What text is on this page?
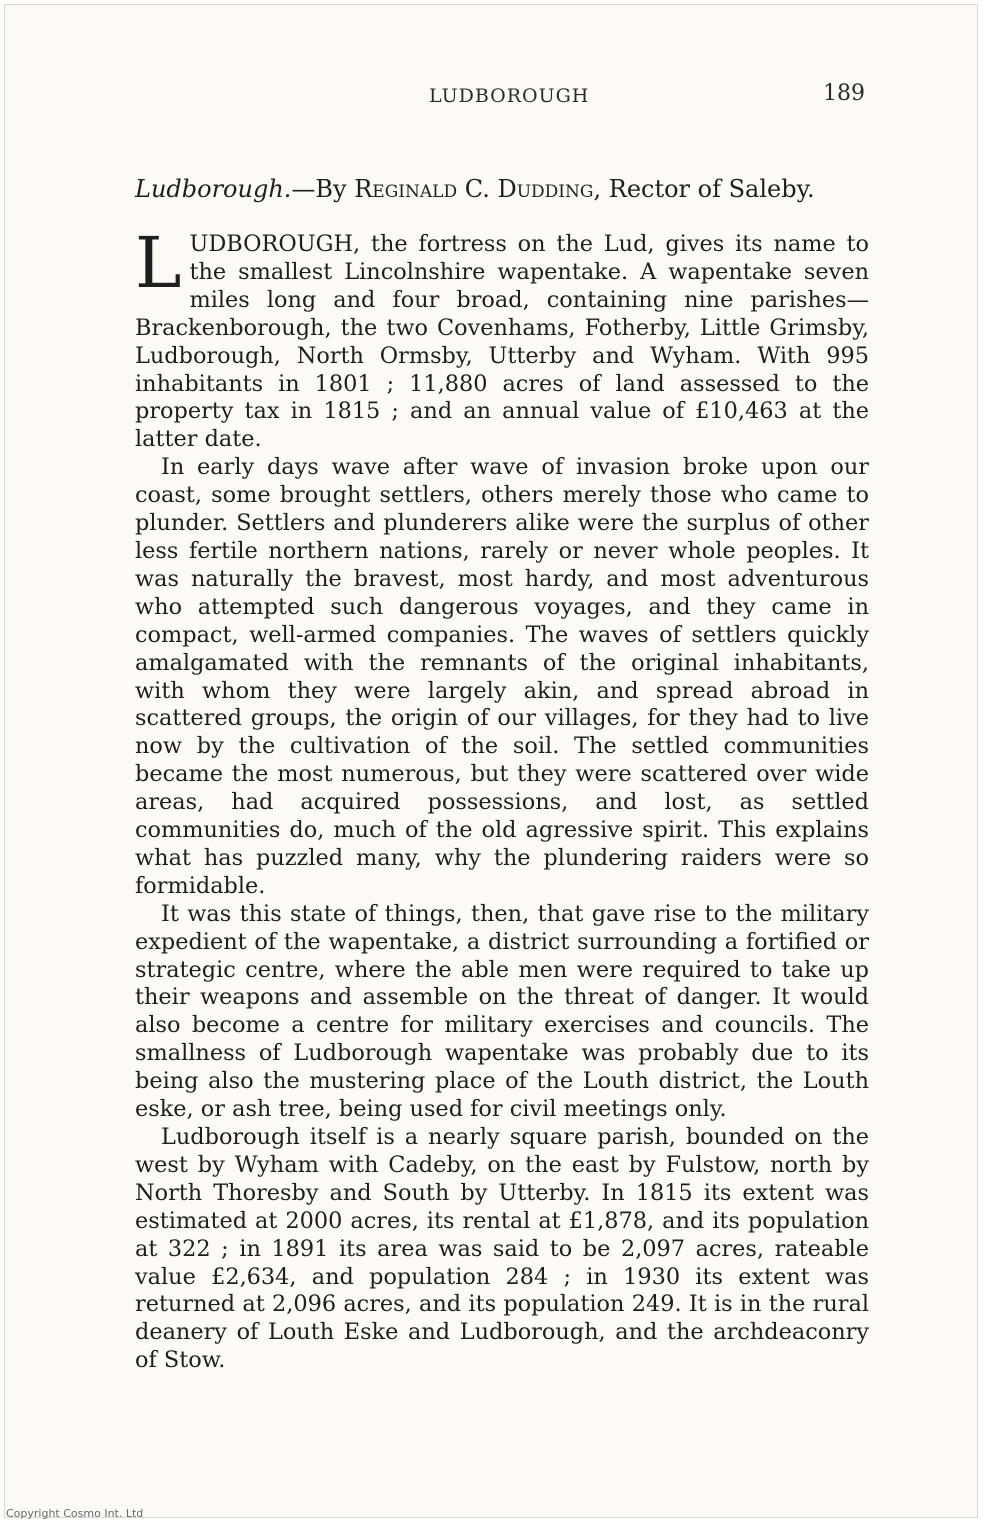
LUDBOROUGH	189
Ludborough.—By Reginald C. Dudding, Rector of Saleby.

LUDBOROUGH, the fortress on the Lud, gives its name to the smallest Lincolnshire wapentake. A wapentake seven miles long and four broad, containing nine parishes—Brackenborough, the two Covenhams, Fotherby, Little Grimsby, Ludborough, North Ormsby, Utterby and Wyham. With 995 inhabitants in 1801 ; 11,880 acres of land assessed to the property tax in 1815 ; and an annual value of £10,463 at the latter date.

In early days wave after wave of invasion broke upon our coast, some brought settlers, others merely those who came to plunder. Settlers and plunderers alike were the surplus of other less fertile northern nations, rarely or never whole peoples. It was naturally the bravest, most hardy, and most adventurous who attempted such dangerous voyages, and they came in compact, well-armed companies. The waves of settlers quickly amalgamated with the remnants of the original inhabitants, with whom they were largely akin, and spread abroad in scattered groups, the origin of our villages, for they had to live now by the cultivation of the soil. The settled communities became the most numerous, but they were scattered over wide areas, had acquired possessions, and lost, as settled communities do, much of the old agressive spirit. This explains what has puzzled many, why the plundering raiders were so formidable.

It was this state of things, then, that gave rise to the military expedient of the wapentake, a district surrounding a fortified or strategic centre, where the able men were required to take up their weapons and assemble on the threat of danger. It would also become a centre for military exercises and councils. The smallness of Ludborough wapentake was probably due to its being also the mustering place of the Louth district, the Louth eske, or ash tree, being used for civil meetings only.

Ludborough itself is a nearly square parish, bounded on the west by Wyham with Cadeby, on the east by Fulstow, north by North Thoresby and South by Utterby. In 1815 its extent was estimated at 2000 acres, its rental at £1,878, and its population at 322 ; in 1891 its area was said to be 2,097 acres, rateable value £2,634, and population 284 ; in 1930 its extent was returned at 2,096 acres, and its population 249. It is in the rural deanery of Louth Eske and Ludborough, and the archdeaconry of Stow.

Copyright Cosmo Int. Ltd
